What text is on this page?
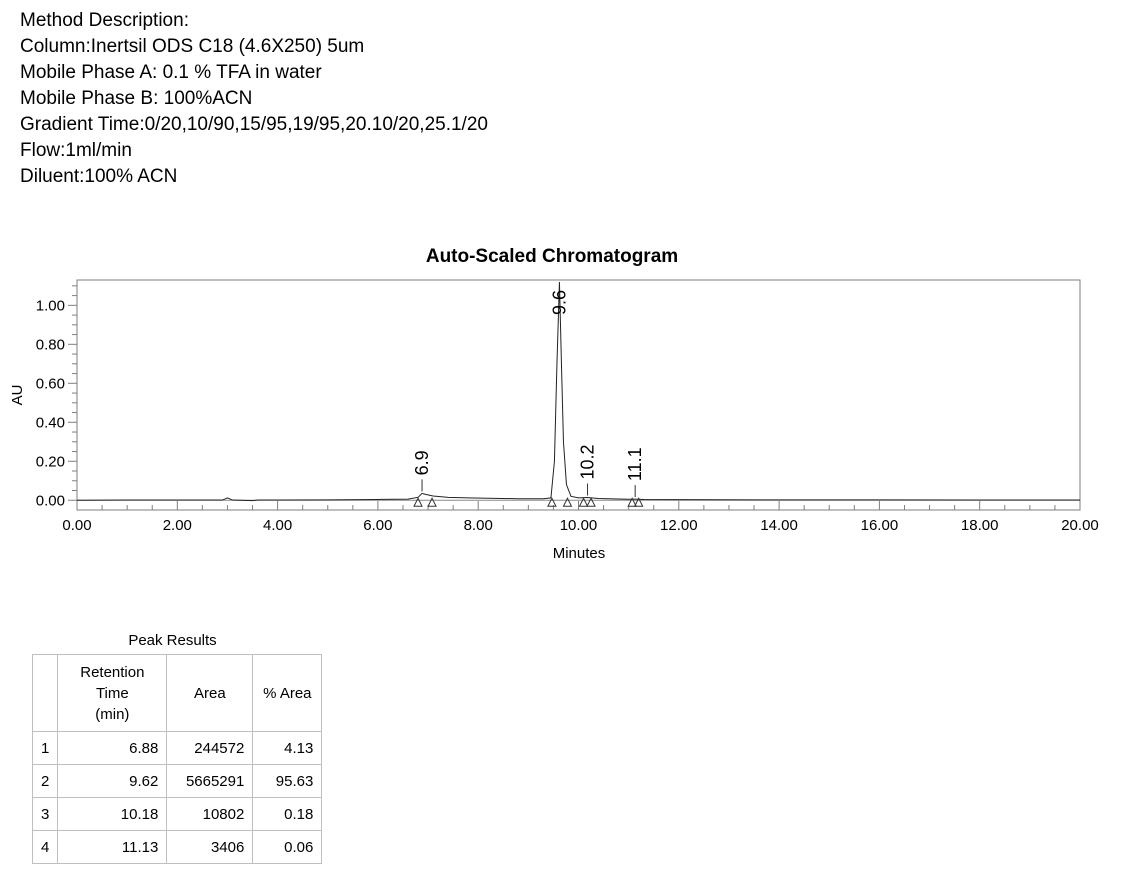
Method Description:
Column:Inertsil ODS C18 (4.6X250) 5um
Mobile Phase A: 0.1 % TFA in water
Mobile Phase B: 100%ACN
Gradient Time:0/20,10/90,15/95,19/95,20.10/20,25.1/20
Flow:1ml/min
Diluent:100% ACN
Auto-Scaled Chromatogram
AU
Minutes
0.00	2.00	4.00	6.00	8.00	10.00	12.00	14.00	16.00	18.00	20.00
0.00
0.20
0.40
0.60
0.80
1.00
6.9
9.6
10.2 11.1
Peak Results
	Retention
Time
(min)	Area	% Area
1	6.88	244572	4.13
2	9.62	5665291	95.63
3	10.18	10802	0.18
4	11.13	3406	0.06
